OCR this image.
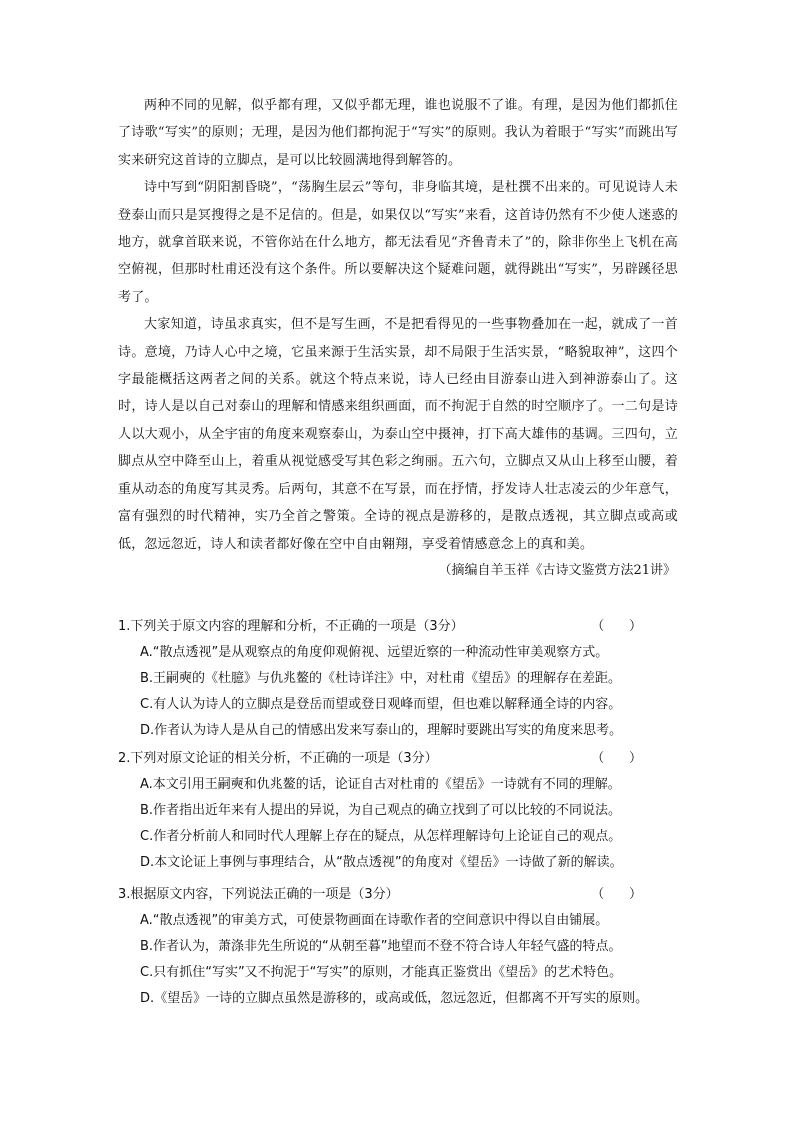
两种不同的见解，似乎都有理，又似乎都无理，谁也说服不了谁。有理，是因为他们都抓住了诗歌“写实”的原则；无理，是因为他们都拘泥于“写实”的原则。我认为着眼于“写实”而跳出写实来研究这首诗的立脚点，是可以比较圆满地得到解答的。

诗中写到“阴阳割昏晓”，“荡胸生层云”等句，非身临其境，是杜撰不出来的。可见说诗人未登泰山而只是冥搜得之是不足信的。但是，如果仅以“写实”来看，这首诗仍然有不少使人迷惑的地方，就拿首联来说，不管你站在什么地方，都无法看见“齐鲁青未了”的，除非你坐上飞机在高空俯视，但那时杜甫还没有这个条件。所以要解决这个疑难问题，就得跳出“写实”，另辟蹊径思考了。

大家知道，诗虽求真实，但不是写生画，不是把看得见的一些事物叠加在一起，就成了一首诗。意境，乃诗人心中之境，它虽来源于生活实景，却不局限于生活实景，“略貌取神”，这四个字最能概括这两者之间的关系。就这个特点来说，诗人已经由目游泰山进入到神游泰山了。这时，诗人是以自己对泰山的理解和情感来组织画面，而不拘泥于自然的时空顺序了。一二句是诗人以大观小，从全宇宙的角度来观察泰山，为泰山空中摄神，打下高大雄伟的基调。三四句，立脚点从空中降至山上，着重从视觉感受写其色彩之绚丽。五六句，立脚点又从山上移至山腰，着重从动态的角度写其灵秀。后两句，其意不在写景，而在抒情，抒发诗人壮志凌云的少年意气，富有强烈的时代精神，实乃全首之警策。全诗的视点是游移的，是散点透视，其立脚点或高或低，忽远忽近，诗人和读者都好像在空中自由翱翔，享受着情感意念上的真和美。

（摘编自羊玉祥《古诗文鉴赏方法21讲》

1.下列关于原文内容的理解和分析，不正确的一项是（3分）	（      ）

A.“散点透视”是从观察点的角度仰观俯视、远望近察的一种流动性审美观察方式。

B.王嗣奭的《杜臆》与仇兆鳌的《杜诗详注》中，对杜甫《望岳》的理解存在差距。

C.有人认为诗人的立脚点是登岳而望或登日观峰而望，但也难以解释通全诗的内容。

D.作者认为诗人是从自己的情感出发来写泰山的，理解时要跳出写实的角度来思考。

2.下列对原文论证的相关分析，不正确的一项是（3分）	（      ）

A.本文引用王嗣奭和仇兆鳌的话，论证自古对杜甫的《望岳》一诗就有不同的理解。

B.作者指出近年来有人提出的异说，为自己观点的确立找到了可以比较的不同说法。

C.作者分析前人和同时代人理解上存在的疑点，从怎样理解诗句上论证自己的观点。

D.本文论证上事例与事理结合，从“散点透视”的角度对《望岳》一诗做了新的解读。

3.根据原文内容，下列说法正确的一项是（3分）	（      ）

A.“散点透视”的审美方式，可使景物画面在诗歌作者的空间意识中得以自由铺展。

B.作者认为，萧涤非先生所说的“从朝至暮”地望而不登不符合诗人年轻气盛的特点。

C.只有抓住“写实”又不拘泥于“写实”的原则，才能真正鉴赏出《望岳》的艺术特色。

D.《望岳》一诗的立脚点虽然是游移的，或高或低，忽远忽近，但都离不开写实的原则。
